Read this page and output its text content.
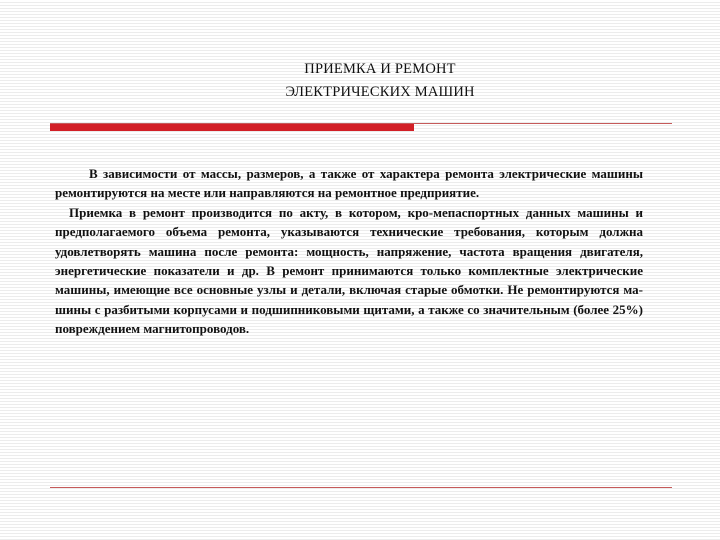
ПРИЕМКА И РЕМОНТ
ЭЛЕКТРИЧЕСКИХ МАШИН

В зависимости от массы, размеров, а также от характера ремонта электрические машины ремонтируются на месте или направляются на ремонтное предприятие.

Приемка в ремонт производится по акту, в котором, кро-мепаспортных данных машины и предполагаемого объема ремонта, указываются технические требования, которым должна удовлетворять машина после ремонта: мощность, напряжение, частота вращения двигателя, энергетические показатели и др. В ремонт принимаются только комплектные электрические машины, имеющие все основные узлы и детали, включая старые обмотки. Не ремонтируются ма-шины с разбитыми корпусами и подшипниковыми щитами, а также со значительным (более 25%) повреждением магнитопроводов.
